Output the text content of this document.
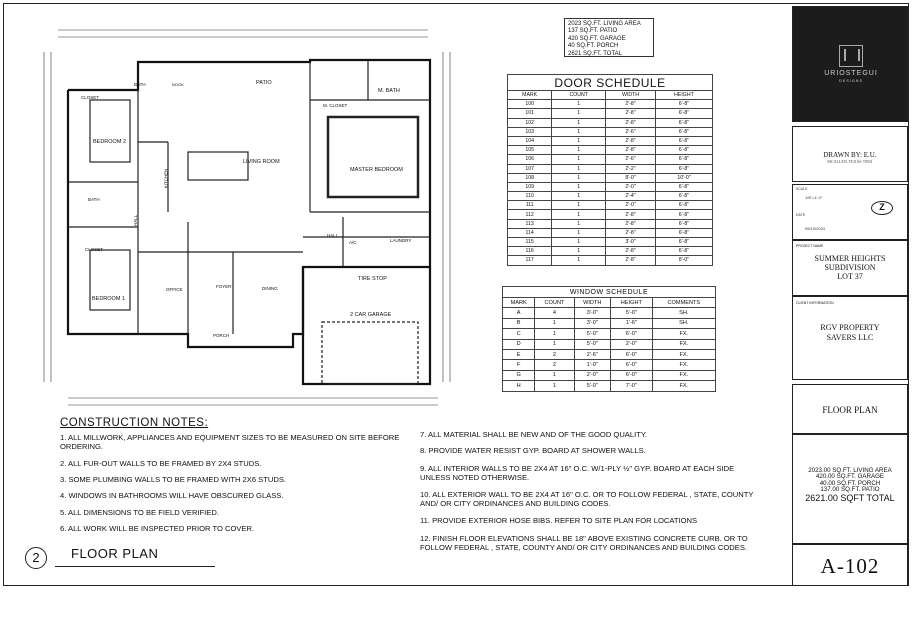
PATIO
NOOK
BATH
CLOSET
M. BATH
M. CLOSET
BEDROOM 2
KITCHEN
LIVING ROOM
MASTER BEDROOM
BATH
HALL
HALL
A/C	LAUNDRY
CLOSET
TIRE STOP
BEDROOM 1
OFFICE
FOYER	DINING
2 CAR GARAGE
PORCH
2023 SQ.FT. LIVING AREA
137 SQ.FT. PATIO
420 SQ.FT. GARAGE
40 SQ.FT. PORCH
2621 SQ.FT. TOTAL
DOOR SCHEDULE			
MARK	COUNT	WIDTH	HEIGHT
100	1	2'-8"	6'-8"
101	1	2'-8"	6'-8"
102	1	2'-8"	6'-8"
103	1	2'-6"	6'-8"
104	1	2'-8"	6'-8"
105	1	2'-8"	6'-8"
106	1	2'-6"	6'-8"
107	1	2'-2"	6'-8"
108	1	8'-0"	10'-0"
109	1	2'-0"	6'-8"
110	1	2'-4"	6'-8"
111	1	2'-0"	6'-8"
112	1	2'-8"	6'-8"
113	1	2'-8"	6'-8"
114	1	2'-8"	6'-8"
115	1	3'-0"	6'-8"
116	1	2'-8"	6'-8"
117	1	2'-8"	8'-0"
WINDOW SCHEDULE				
MARK	COUNT	WIDTH	HEIGHT	COMMENTS
A	4	3'-0"	5'-0"	SH.
B	1	3'-0"	1'-6"	SH.
C	1	5'-0"	6'-0"	FX.
D	1	5'-0"	2'-0"	FX.
E	2	2'-6"	6'-0"	FX.
F	2	1'-0"	6'-0"	FX.
G	1	2'-0"	6'-0"	FX.
H	1	5'-0"	7'-0"	FX.
CONSTRUCTION NOTES:
1. ALL MILLWORK, APPLIANCES AND EQUIPMENT SIZES TO BE MEASURED ON SITE BEFORE ORDERING.
2. ALL FUR-OUT WALLS TO BE FRAMED BY 2X4 STUDS.
3. SOME PLUMBING WALLS TO BE FRAMED WITH 2X6 STUDS.
4. WINDOWS IN BATHROOMS WILL HAVE OBSCURED GLASS.
5. ALL DIMENSIONS TO BE FIELD VERIFIED.
6. ALL WORK WILL BE INSPECTED PRIOR TO COVER.
7. ALL MATERIAL SHALL BE NEW AND OF THE GOOD QUALITY.
8. PROVIDE WATER RESIST GYP. BOARD AT SHOWER WALLS.
9. ALL INTERIOR WALLS TO BE 2X4 AT 16" O.C. W/1-PLY ½" GYP. BOARD AT EACH SIDE UNLESS NOTED OTHERWISE.
10. ALL EXTERIOR WALL TO BE 2X4 AT 16" O.C. OR TO FOLLOW FEDERAL , STATE, COUNTY AND/ OR CITY ORDINANCES AND BUILDING CODES.
11. PROVIDE EXTERIOR HOSE BIBS. REFER TO SITE PLAN FOR LOCATIONS
12. FINISH FLOOR ELEVATIONS SHALL BE 18" ABOVE EXISTING CONCRETE CURB. OR TO FOLLOW FEDERAL , STATE, COUNTY AND/ OR CITY ORDINANCES AND BUILDING CODES.
2	FLOOR PLAN
URIOSTEGUI
DESIGNS
DRAWN BY: E.U.
MCALLEN, TEXAS 78501
SCALE
1/8"=1'-0"
DATE
05/15/2024
Z
PROJECT NAME
SUMMER HEIGHTS
SUBDIVISION
LOT 37
CLIENT INFORMATION
RGV PROPERTY
SAVERS LLC
FLOOR PLAN
2023.00 SQ.FT. LIVING AREA
420.00 SQ.FT. GARAGE
40.00 SQ.FT. PORCH
137.00 SQ.FT. PATIO
2621.00 SQFT TOTAL
A-102
